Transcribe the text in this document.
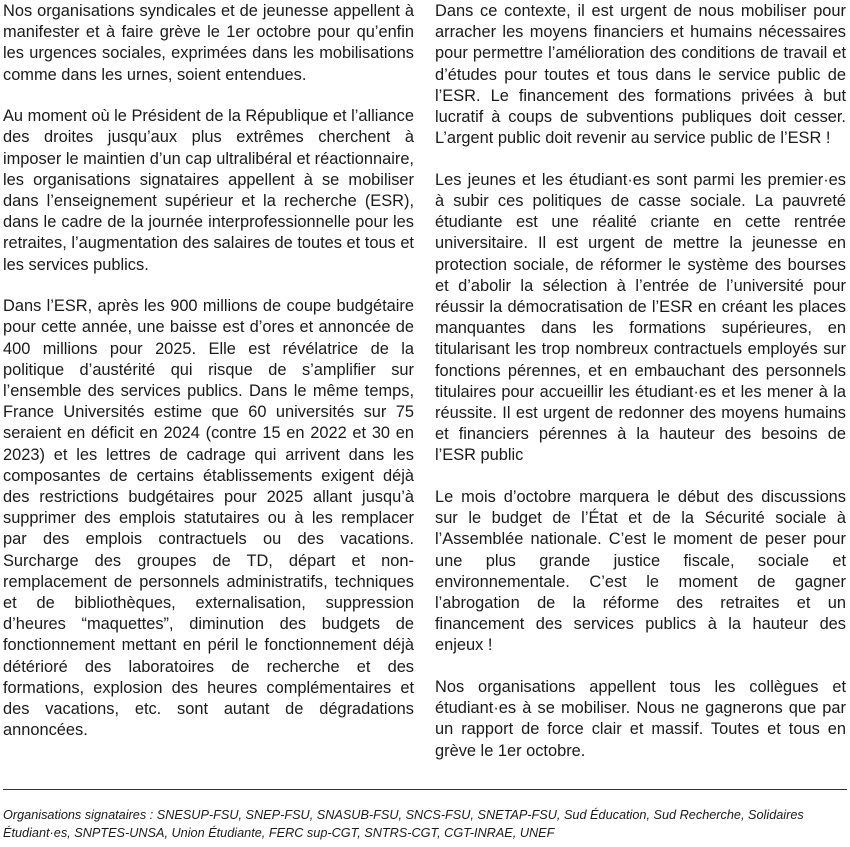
Nos organisations syndicales et de jeunesse appellent à manifester et à faire grève le 1er octobre pour qu’enfin les urgences sociales, exprimées dans les mobilisations comme dans les urnes, soient entendues.

Au moment où le Président de la République et l’alliance des droites jusqu’aux plus extrêmes cherchent à imposer le maintien d’un cap ultralibéral et réactionnaire, les organisations signataires appellent à se mobiliser dans l’enseignement supérieur et la recherche (ESR), dans le cadre de la journée interprofessionnelle pour les retraites, l’augmentation des salaires de toutes et tous et les services publics.

Dans l’ESR, après les 900 millions de coupe budgétaire pour cette année, une baisse est d’ores et annoncée de 400 millions pour 2025. Elle est révélatrice de la politique d’austérité qui risque de s’amplifier sur l’ensemble des services publics. Dans le même temps, France Universités estime que 60 universités sur 75 seraient en déficit en 2024 (contre 15 en 2022 et 30 en 2023) et les lettres de cadrage qui arrivent dans les composantes de certains établissements exigent déjà des restrictions budgétaires pour 2025 allant jusqu’à supprimer des emplois statutaires ou à les remplacer par des emplois contractuels ou des vacations. Surcharge des groupes de TD, départ et non-remplacement de personnels administratifs, techniques et de bibliothèques, externalisation, suppression d’heures “maquettes”, diminution des budgets de fonctionnement mettant en péril le fonctionnement déjà détérioré des laboratoires de recherche et des formations, explosion des heures complémentaires et des vacations, etc. sont autant de dégradations annoncées.

Dans ce contexte, il est urgent de nous mobiliser pour arracher les moyens financiers et humains nécessaires pour permettre l’amélioration des conditions de travail et d’études pour toutes et tous dans le service public de l’ESR. Le financement des formations privées à but lucratif à coups de subventions publiques doit cesser. L’argent public doit revenir au service public de l’ESR !

Les jeunes et les étudiant·es sont parmi les premier·es à subir ces politiques de casse sociale. La pauvreté étudiante est une réalité criante en cette rentrée universitaire. Il est urgent de mettre la jeunesse en protection sociale, de réformer le système des bourses et d’abolir la sélection à l’entrée de l’université pour réussir la démocratisation de l’ESR en créant les places manquantes dans les formations supérieures, en titularisant les trop nombreux contractuels employés sur fonctions pérennes, et en embauchant des personnels titulaires pour accueillir les étudiant·es et les mener à la réussite. Il est urgent de redonner des moyens humains et financiers pérennes à la hauteur des besoins de l’ESR public

Le mois d’octobre marquera le début des discussions sur le budget de l’État et de la Sécurité sociale à l’Assemblée nationale. C’est le moment de peser pour une plus grande justice fiscale, sociale et environnementale. C’est le moment de gagner l’abrogation de la réforme des retraites et un financement des services publics à la hauteur des enjeux !

Nos organisations appellent tous les collègues et étudiant·es à se mobiliser. Nous ne gagnerons que par un rapport de force clair et massif. Toutes et tous en grève le 1er octobre.

Organisations signataires : SNESUP-FSU, SNEP-FSU, SNASUB-FSU, SNCS-FSU, SNETAP-FSU, Sud Éducation, Sud Recherche, Solidaires Étudiant·es, SNPTES-UNSA, Union Étudiante, FERC sup-CGT, SNTRS-CGT, CGT-INRAE, UNEF
